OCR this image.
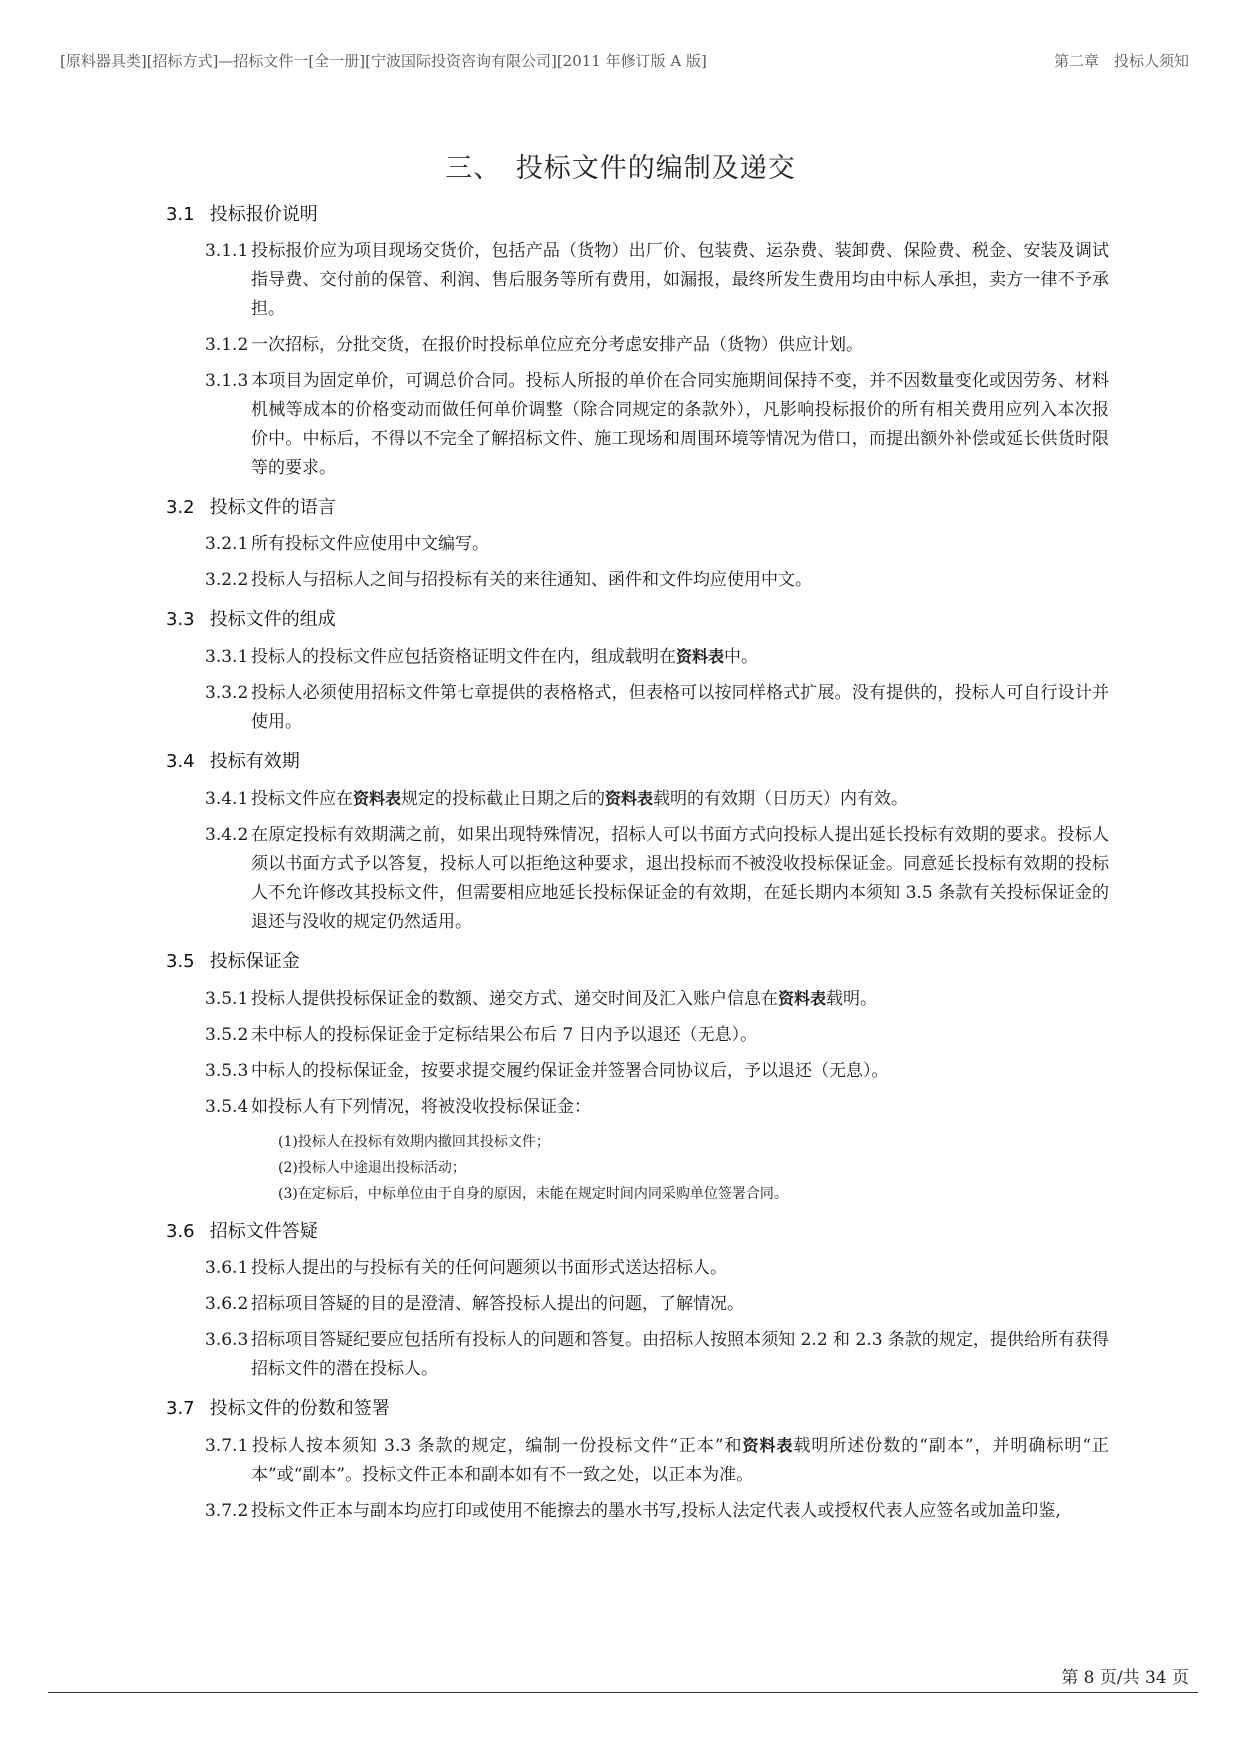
[原料器具类][招标方式]—招标文件一[全一册][宁波国际投资咨询有限公司][2011 年修订版 A 版]	第二章　投标人须知
三、　投标文件的编制及递交
3.1 投标报价说明
3.1.1 投标报价应为项目现场交货价，包括产品（货物）出厂价、包装费、运杂费、装卸费、保险费、税金、安装及调试指导费、交付前的保管、利润、售后服务等所有费用，如漏报，最终所发生费用均由中标人承担，卖方一律不予承担。
3.1.2 一次招标，分批交货，在报价时投标单位应充分考虑安排产品（货物）供应计划。
3.1.3 本项目为固定单价，可调总价合同。投标人所报的单价在合同实施期间保持不变，并不因数量变化或因劳务、材料机械等成本的价格变动而做任何单价调整（除合同规定的条款外），凡影响投标报价的所有相关费用应列入本次报价中。中标后，不得以不完全了解招标文件、施工现场和周围环境等情况为借口，而提出额外补偿或延长供货时限等的要求。
3.2 投标文件的语言
3.2.1 所有投标文件应使用中文编写。
3.2.2 投标人与招标人之间与招投标有关的来往通知、函件和文件均应使用中文。
3.3 投标文件的组成
3.3.1 投标人的投标文件应包括资格证明文件在内，组成载明在资料表中。
3.3.2 投标人必须使用招标文件第七章提供的表格格式，但表格可以按同样格式扩展。没有提供的，投标人可自行设计并使用。
3.4 投标有效期
3.4.1 投标文件应在资料表规定的投标截止日期之后的资料表载明的有效期（日历天）内有效。
3.4.2 在原定投标有效期满之前，如果出现特殊情况，招标人可以书面方式向投标人提出延长投标有效期的要求。投标人须以书面方式予以答复，投标人可以拒绝这种要求，退出投标而不被没收投标保证金。同意延长投标有效期的投标人不允许修改其投标文件，但需要相应地延长投标保证金的有效期，在延长期内本须知 3.5 条款有关投标保证金的退还与没收的规定仍然适用。
3.5 投标保证金
3.5.1 投标人提供投标保证金的数额、递交方式、递交时间及汇入账户信息在资料表载明。
3.5.2 未中标人的投标保证金于定标结果公布后 7 日内予以退还（无息）。
3.5.3 中标人的投标保证金，按要求提交履约保证金并签署合同协议后，予以退还（无息）。
3.5.4 如投标人有下列情况，将被没收投标保证金：
(1)投标人在投标有效期内撤回其投标文件；
(2)投标人中途退出投标活动；
(3)在定标后，中标单位由于自身的原因，未能在规定时间内同采购单位签署合同。
3.6 招标文件答疑
3.6.1 投标人提出的与投标有关的任何问题须以书面形式送达招标人。
3.6.2 招标项目答疑的目的是澄清、解答投标人提出的问题，了解情况。
3.6.3 招标项目答疑纪要应包括所有投标人的问题和答复。由招标人按照本须知 2.2 和 2.3 条款的规定，提供给所有获得招标文件的潜在投标人。
3.7 投标文件的份数和签署
3.7.1 投标人按本须知 3.3 条款的规定，编制一份投标文件“正本”和资料表载明所述份数的“副本”，并明确标明“正本”或“副本”。投标文件正本和副本如有不一致之处，以正本为准。
3.7.2 投标文件正本与副本均应打印或使用不能擦去的墨水书写,投标人法定代表人或授权代表人应签名或加盖印鉴,
第 8 页/共 34 页
